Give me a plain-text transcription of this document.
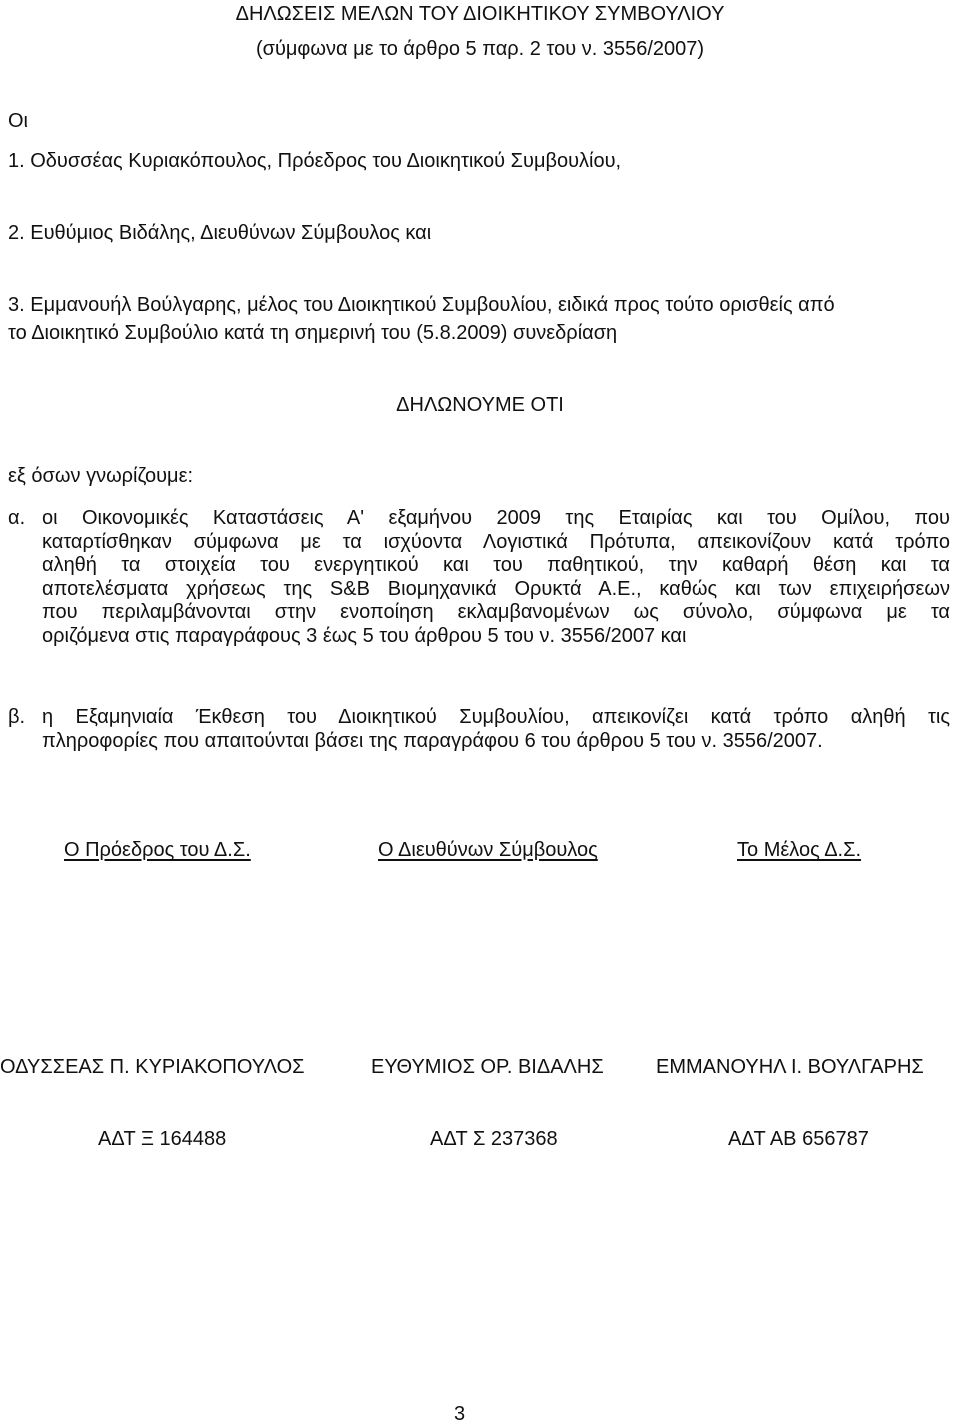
ΔΗΛΩΣΕΙΣ ΜΕΛΩΝ ΤΟΥ ΔΙΟΙΚΗΤΙΚΟΥ ΣΥΜΒΟΥΛΙΟΥ
(σύμφωνα με το άρθρο 5 παρ. 2 του ν. 3556/2007)
Οι
1. Οδυσσέας Κυριακόπουλος, Πρόεδρος του Διοικητικού Συμβουλίου,
2. Ευθύμιος Βιδάλης, Διευθύνων Σύμβουλος και
3. Εμμανουήλ Βούλγαρης, μέλος του Διοικητικού Συμβουλίου, ειδικά προς τούτο ορισθείς από
το Διοικητικό Συμβούλιο κατά τη σημερινή του (5.8.2009) συνεδρίαση
ΔΗΛΩΝΟΥΜΕ ΟΤΙ
εξ όσων γνωρίζουμε:
α. οι Οικονομικές Καταστάσεις Α' εξαμήνου 2009 της Εταιρίας και του Ομίλου, που
καταρτίσθηκαν σύμφωνα με τα ισχύοντα Λογιστικά Πρότυπα, απεικονίζουν κατά τρόπο
αληθή τα στοιχεία του ενεργητικού και του παθητικού, την καθαρή θέση και τα
αποτελέσματα χρήσεως της S&B Βιομηχανικά Ορυκτά Α.Ε., καθώς και των επιχειρήσεων
που περιλαμβάνονται στην ενοποίηση εκλαμβανομένων ως σύνολο, σύμφωνα με τα
οριζόμενα στις παραγράφους 3 έως 5 του άρθρου 5 του ν. 3556/2007 και
β. η Εξαμηνιαία Έκθεση του Διοικητικού Συμβουλίου, απεικονίζει κατά τρόπο αληθή τις
πληροφορίες που απαιτούνται βάσει της παραγράφου 6 του άρθρου 5 του ν. 3556/2007.
Ο Πρόεδρος του Δ.Σ.	Ο Διευθύνων Σύμβουλος	Το Μέλος Δ.Σ.
ΟΔΥΣΣΕΑΣ Π. ΚΥΡΙΑΚΟΠΟΥΛΟΣ	ΕΥΘΥΜΙΟΣ ΟΡ. ΒΙΔΑΛΗΣ	ΕΜΜΑΝΟΥΗΛ Ι. ΒΟΥΛΓΑΡΗΣ
ΑΔΤ Ξ 164488	ΑΔΤ Σ 237368	ΑΔΤ ΑΒ 656787
3
